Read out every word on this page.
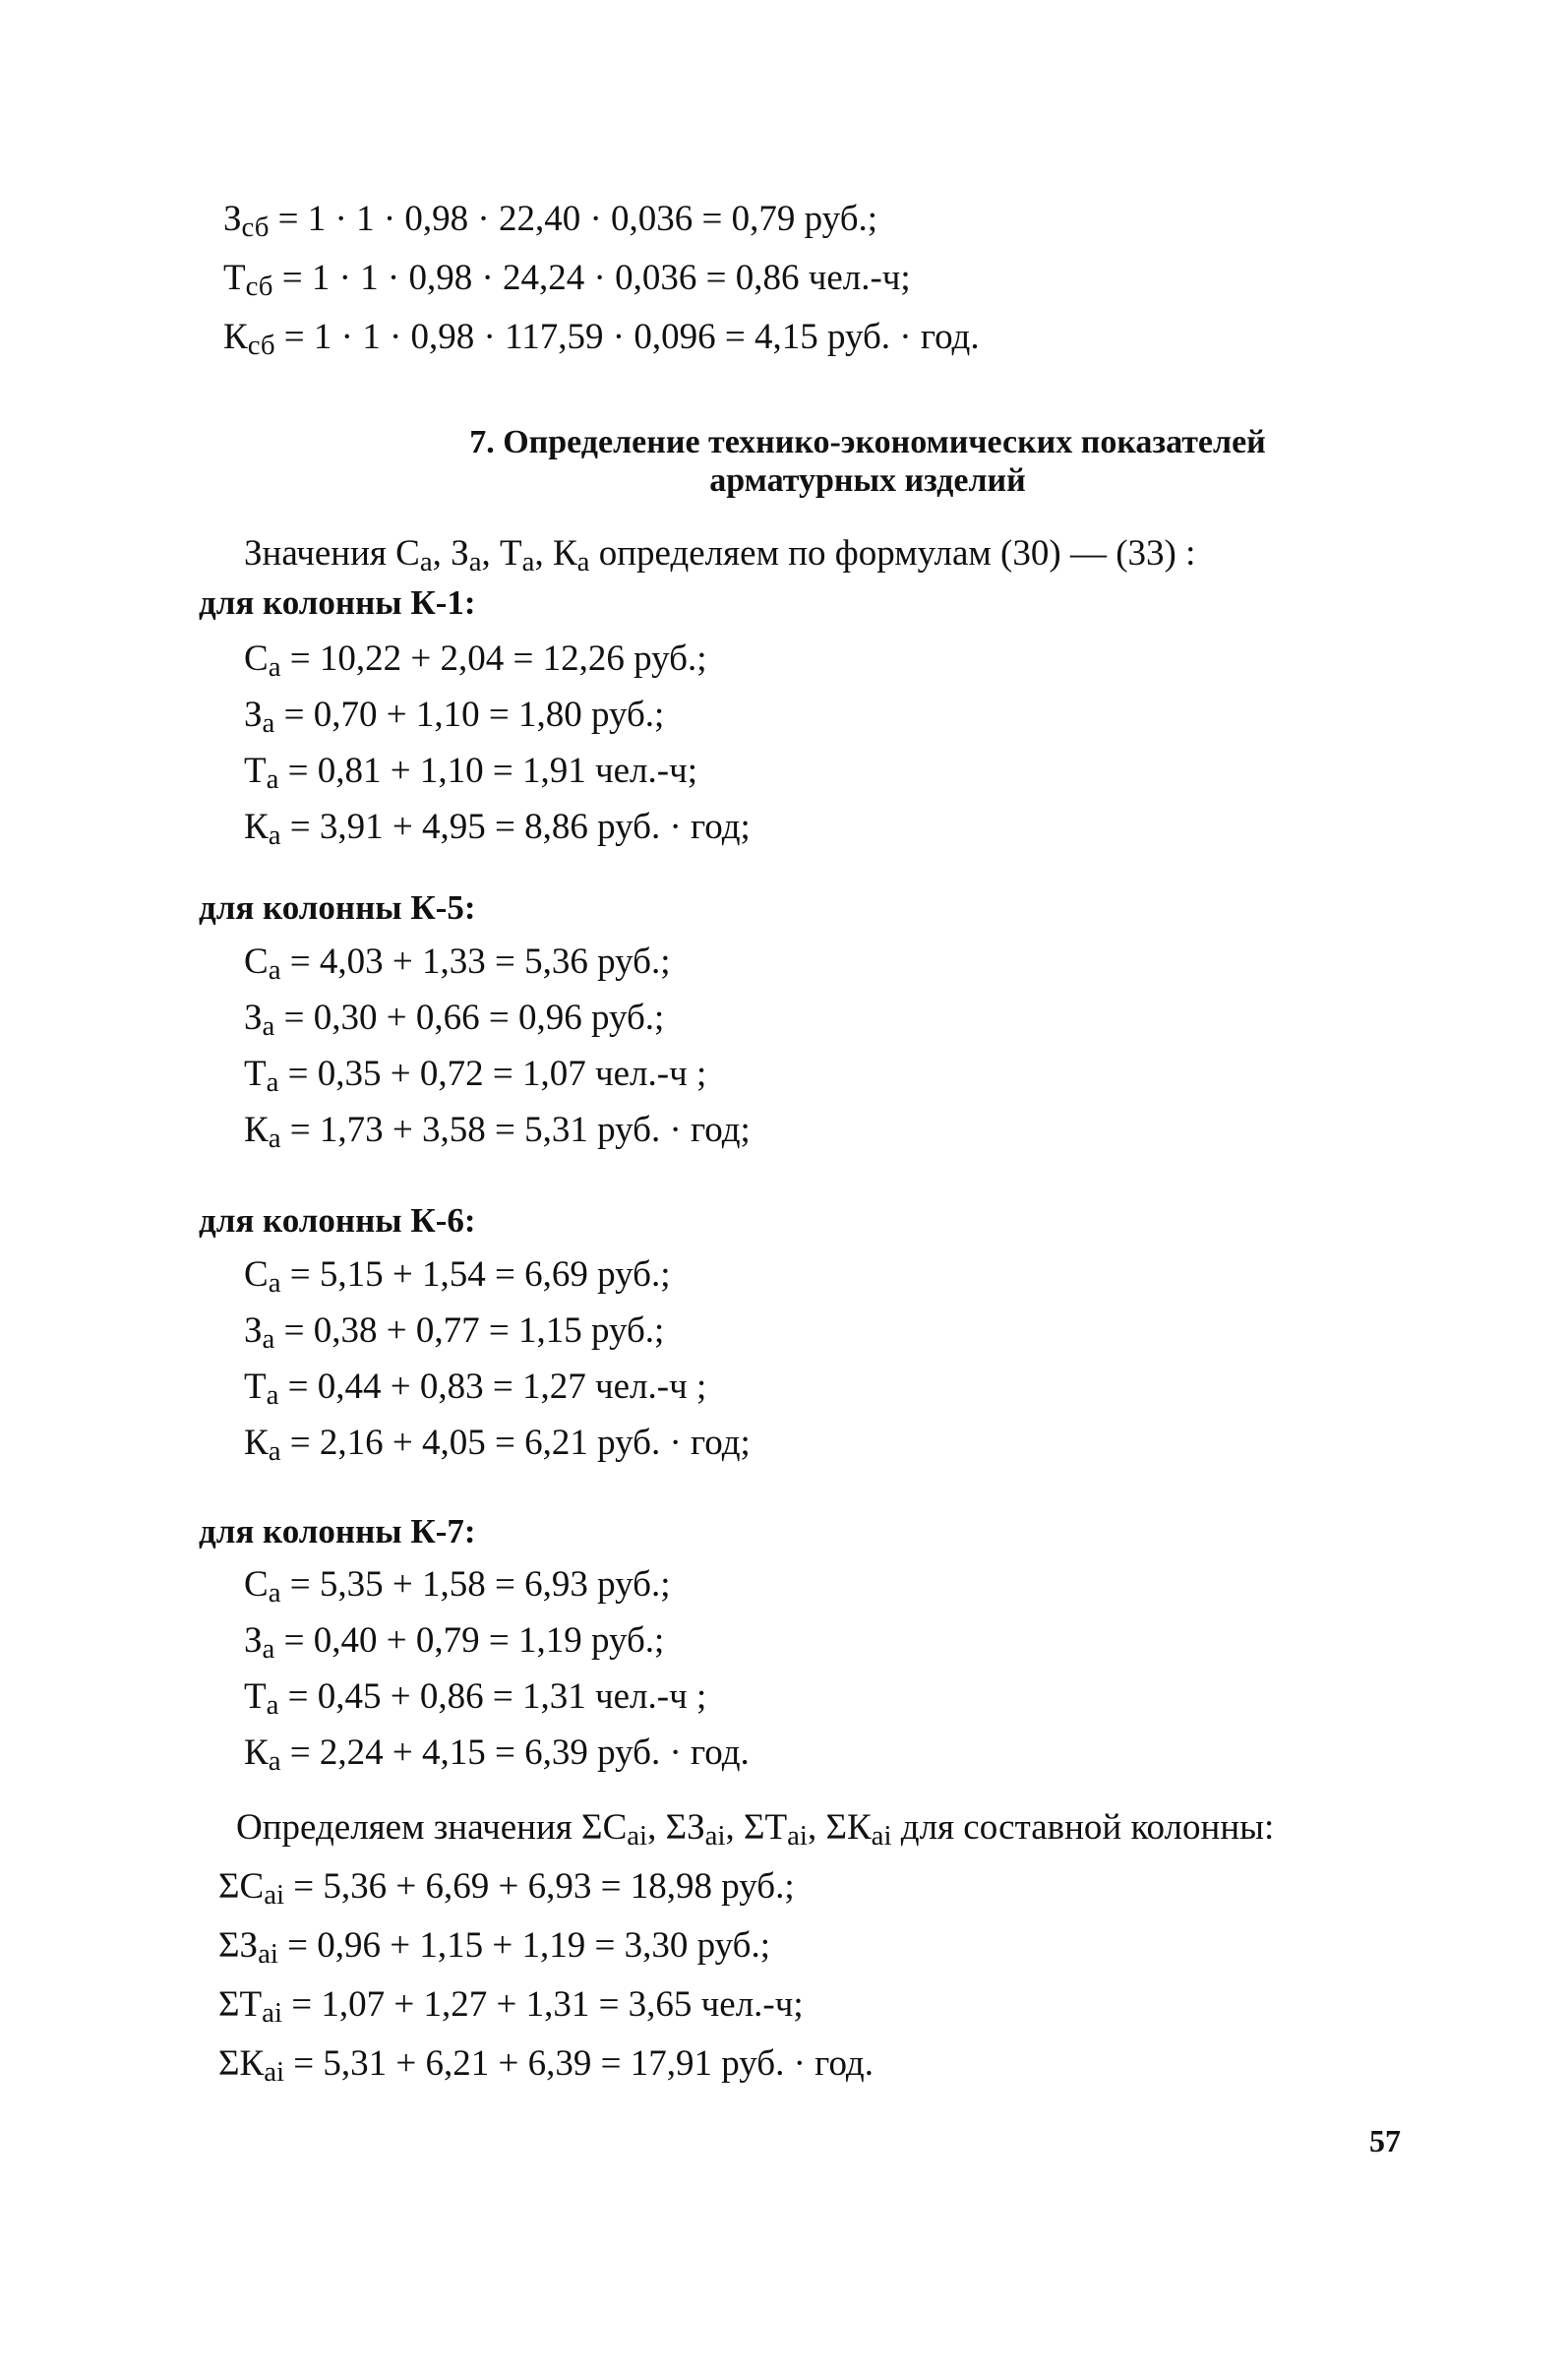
Зсб = 1 · 1 · 0,98 · 22,40 · 0,036 = 0,79 руб.;
Тсб = 1 · 1 · 0,98 · 24,24 · 0,036 = 0,86 чел.-ч;
Ксб = 1 · 1 · 0,98 · 117,59 · 0,096 = 4,15 руб. · год.
7. Определение технико-экономических показателей
арматурных изделий
Значения Са, За, Та, Ка определяем по формулам (30) — (33) :
для колонны К-1:
Са = 10,22 + 2,04 = 12,26 руб.;
За = 0,70 + 1,10 = 1,80 руб.;
Та = 0,81 + 1,10 = 1,91 чел.-ч;
Ка = 3,91 + 4,95 = 8,86 руб. · год;
для колонны К-5:
Са = 4,03 + 1,33 = 5,36 руб.;
За = 0,30 + 0,66 = 0,96 руб.;
Та = 0,35 + 0,72 = 1,07 чел.-ч ;
Ка = 1,73 + 3,58 = 5,31 руб. · год;
для колонны К-6:
Са = 5,15 + 1,54 = 6,69 руб.;
За = 0,38 + 0,77 = 1,15 руб.;
Та = 0,44 + 0,83 = 1,27 чел.-ч ;
Ка = 2,16 + 4,05 = 6,21 руб. · год;
для колонны К-7:
Са = 5,35 + 1,58 = 6,93 руб.;
За = 0,40 + 0,79 = 1,19 руб.;
Та = 0,45 + 0,86 = 1,31 чел.-ч ;
Ка = 2,24 + 4,15 = 6,39 руб. · год.
Определяем значения ΣСai, ΣЗai, ΣТai, ΣКai для составной колонны:
ΣСai = 5,36 + 6,69 + 6,93 = 18,98 руб.;
ΣЗai = 0,96 + 1,15 + 1,19 = 3,30 руб.;
ΣТai = 1,07 + 1,27 + 1,31 = 3,65 чел.-ч;
ΣКai = 5,31 + 6,21 + 6,39 = 17,91 руб. · год.
57
